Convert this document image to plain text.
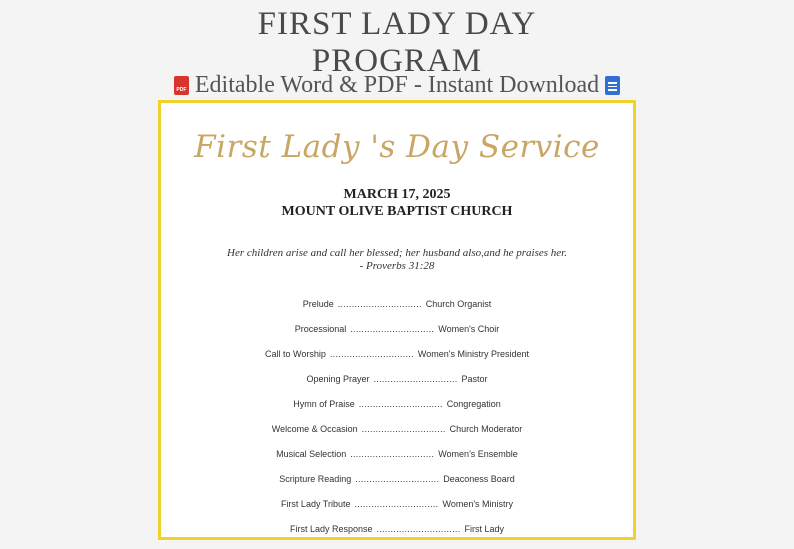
FIRST LADY DAY
PROGRAM
PDF Editable Word & PDF - Instant Download
First Lady 's Day Service
MARCH 17, 2025
MOUNT OLIVE BAPTIST CHURCH
Her children arise and call her blessed; her husband also,and he praises her.
- Proverbs 31:28
Prelude .............................. Church Organist
Processional .............................. Women's Choir
Call to Worship .............................. Women's Ministry President
Opening Prayer .............................. Pastor
Hymn of Praise .............................. Congregation
Welcome & Occasion .............................. Church Moderator
Musical Selection .............................. Women's Ensemble
Scripture Reading .............................. Deaconess Board
First Lady Tribute .............................. Women's Ministry
First Lady Response .............................. First Lady
